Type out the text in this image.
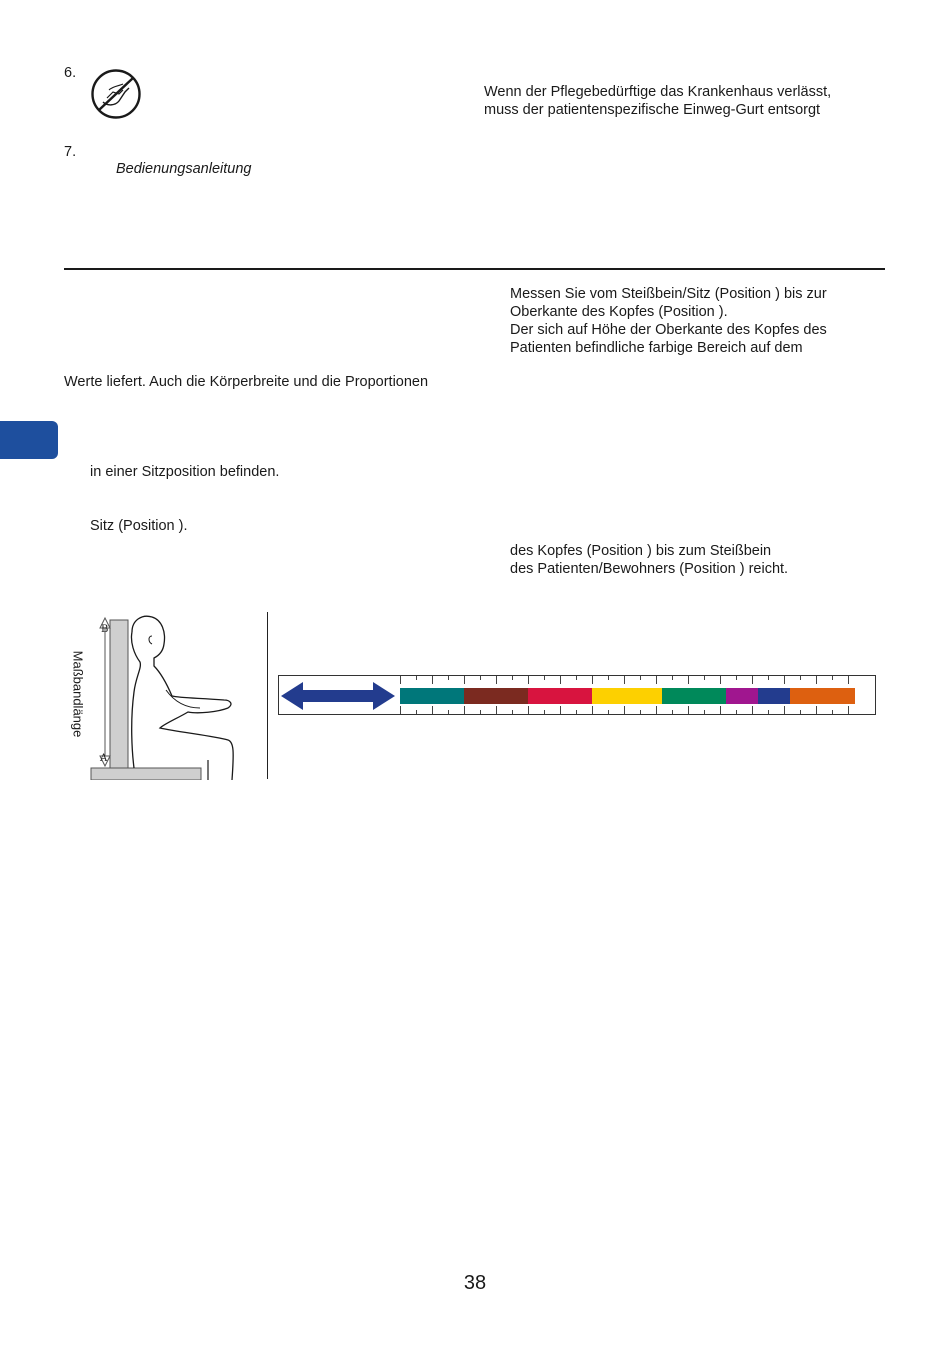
6.
7.
Bedienungsanleitung
Wenn der Pflegebedürftige das Krankenhaus verlässt,
muss der patientenspezifische Einweg-Gurt entsorgt
Messen Sie vom Steißbein/Sitz (Position ) bis zur
Oberkante des Kopfes (Position ).
Der sich auf Höhe der Oberkante des Kopfes des
Patienten befindliche farbige Bereich auf dem
Werte liefert. Auch die Körperbreite und die Proportionen
in einer Sitzposition befinden.
Sitz (Position ).
des Kopfes (Position ) bis zum Steißbein
des Patienten/Bewohners (Position ) reicht.
Maßbandlänge
B
A
38
